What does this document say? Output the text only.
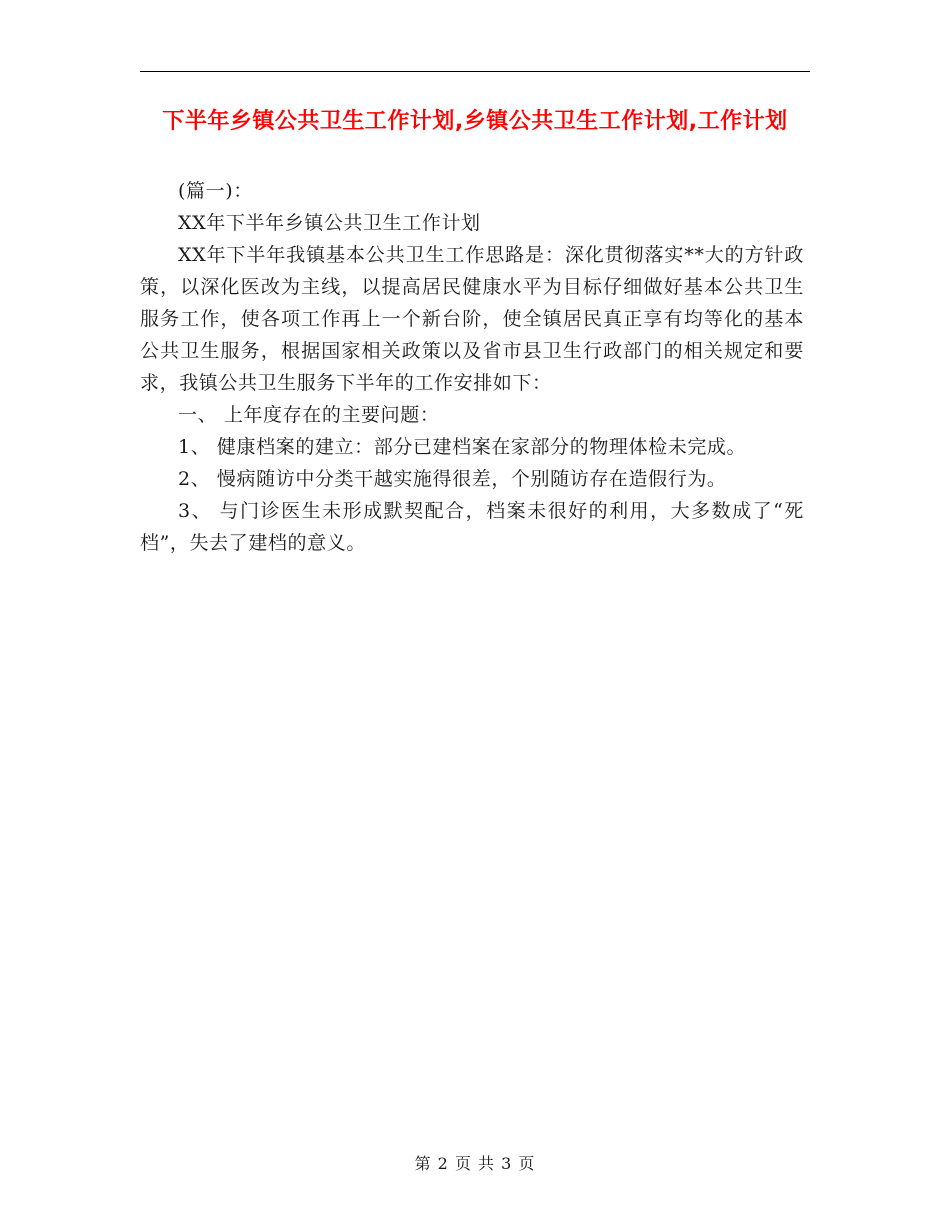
下半年乡镇公共卫生工作计划,乡镇公共卫生工作计划,工作计划

(篇一)：

XX年下半年乡镇公共卫生工作计划

XX年下半年我镇基本公共卫生工作思路是：深化贯彻落实**大的方针政策，以深化医改为主线，以提高居民健康水平为目标仔细做好基本公共卫生服务工作，使各项工作再上一个新台阶，使全镇居民真正享有均等化的基本公共卫生服务，根据国家相关政策以及省市县卫生行政部门的相关规定和要求，我镇公共卫生服务下半年的工作安排如下：

一、 上年度存在的主要问题：

1、 健康档案的建立：部分已建档案在家部分的物理体检未完成。

2、 慢病随访中分类干越实施得很差，个别随访存在造假行为。

3、 与门诊医生未形成默契配合，档案未很好的利用，大多数成了“死档”，失去了建档的意义。

第 2 页 共 3 页
